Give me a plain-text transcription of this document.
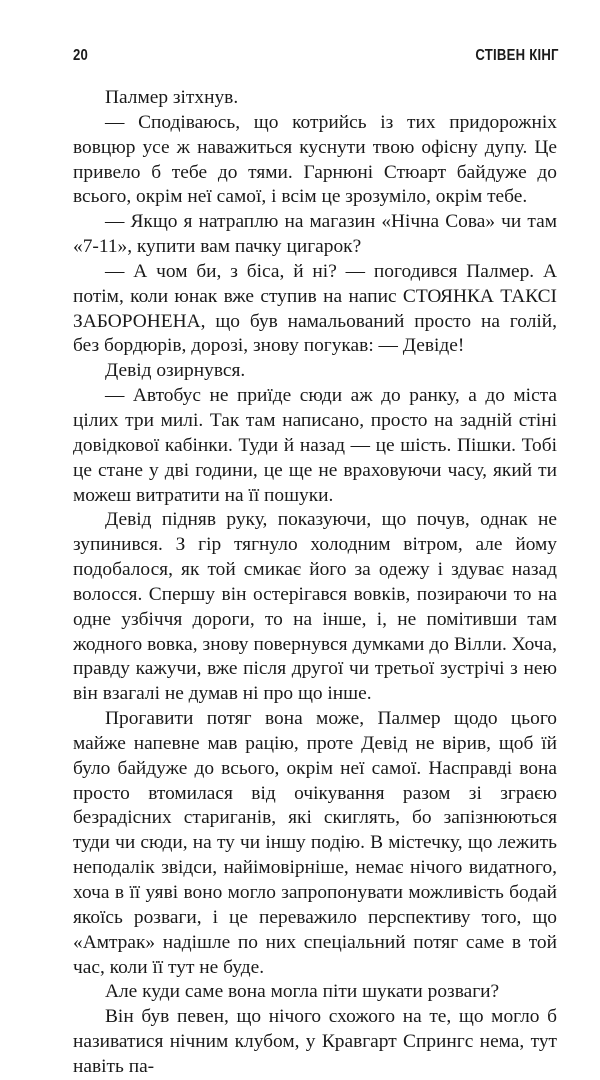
20	СТІВЕН КІНГ

Палмер зітхнув.

— Сподіваюсь, що котрийсь із тих придорожніх вовцюр усе ж наважиться куснути твою офісну дупу. Це привело б тебе до тями. Гарнюні Стюарт байдуже до всього, окрім неї самої, і всім це зрозуміло, окрім тебе.

— Якщо я натраплю на магазин «Нічна Сова» чи там «7-11», купити вам пачку цигарок?

— А чом би, з біса, й ні? — погодився Палмер. А потім, коли юнак вже ступив на напис СТОЯНКА ТАКСІ ЗАБОРОНЕНА, що був намальований просто на голій, без бордюрів, дорозі, знову погукав: — Девіде!

Девід озирнувся.

— Автобус не приїде сюди аж до ранку, а до міста цілих три милі. Так там написано, просто на задній стіні довідкової кабінки. Туди й назад — це шість. Пішки. Тобі це стане у дві години, це ще не враховуючи часу, який ти можеш витратити на її пошуки.

Девід підняв руку, показуючи, що почув, однак не зупинився. З гір тягнуло холодним вітром, але йому подобалося, як той смикає його за одежу і здуває назад волосся. Спершу він остерігався вовків, позираючи то на одне узбіччя дороги, то на інше, і, не помітивши там жодного вовка, знову повернувся думками до Вілли. Хоча, правду кажучи, вже після другої чи третьої зустрічі з нею він взагалі не думав ні про що інше.

Прогавити потяг вона може, Палмер щодо цього майже напевне мав рацію, проте Девід не вірив, щоб їй було байдуже до всього, окрім неї самої. Насправді вона просто втомилася від очікування разом зі зграєю безрадісних стариганів, які скиглять, бо запізнюються туди чи сюди, на ту чи іншу подію. В містечку, що лежить неподалік звідси, найімовірніше, немає нічого видатного, хоча в її уяві воно могло запропонувати можливість бодай якоїсь розваги, і це переважило перспективу того, що «Амтрак» надішле по них спеціальний потяг саме в той час, коли її тут не буде.

Але куди саме вона могла піти шукати розваги?

Він був певен, що нічого схожого на те, що могло б називатися нічним клубом, у Кравгарт Спрингс нема, тут навіть па-
